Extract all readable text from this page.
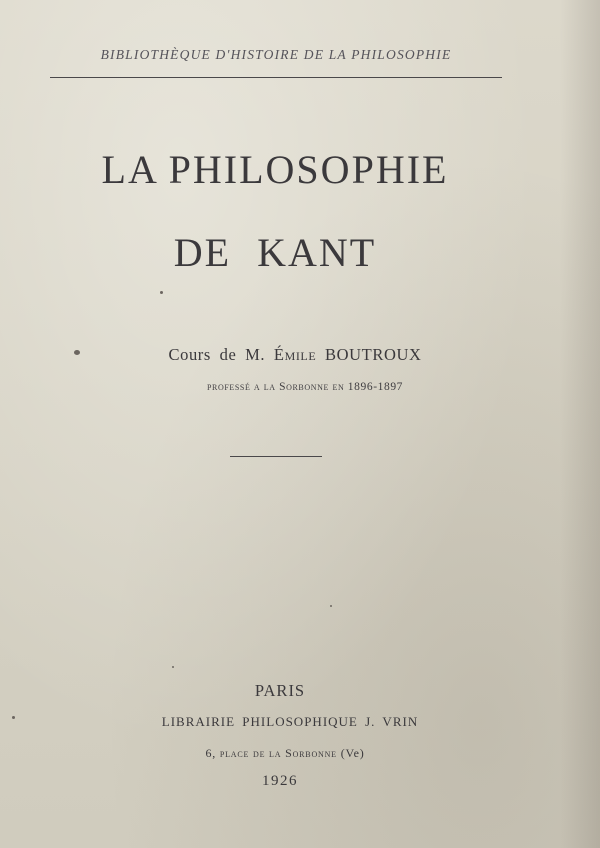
BIBLIOTHÈQUE D'HISTOIRE DE LA PHILOSOPHIE
LA PHILOSOPHIE
DE KANT
Cours de M. Émile BOUTROUX
professé a la Sorbonne en 1896-1897
PARIS
LIBRAIRIE PHILOSOPHIQUE J. VRIN
6, place de la Sorbonne (Ve)
1926
